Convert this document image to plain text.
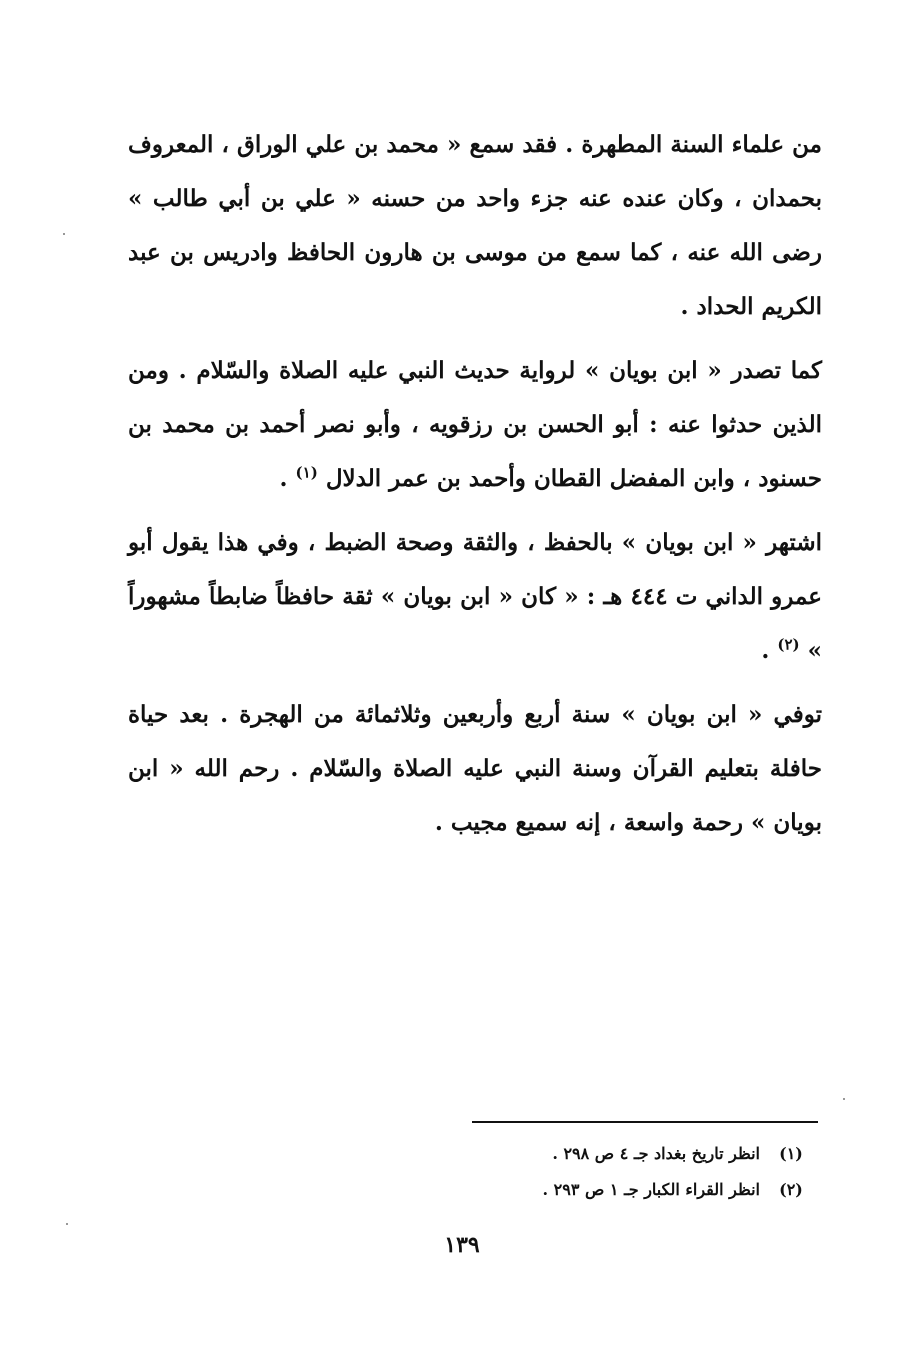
من علماء السنة المطهرة . فقد سمع « محمد بن علي الوراق ، المعروف بحمدان ، وكان عنده عنه جزء واحد من حسنه « علي بن أبي طالب » رضى الله عنه ، كما سمع من موسى بن هارون الحافظ وادريس بن عبد الكريم الحداد .

كما تصدر « ابن بويان » لرواية حديث النبي عليه الصلاة والسّلام . ومن الذين حدثوا عنه : أبو الحسن بن رزقويه ، وأبو نصر أحمد بن محمد بن حسنود ، وابن المفضل القطان وأحمد بن عمر الدلال $^{(١)}$ .

اشتهر « ابن بويان » بالحفظ ، والثقة وصحة الضبط ، وفي هذا يقول أبو عمرو الداني ت ٤٤٤ هـ : « كان « ابن بويان » ثقة حافظاً ضابطاً مشهوراً » $^{(٢)}$ .

توفي « ابن بويان » سنة أربع وأربعين وثلاثمائة من الهجرة . بعد حياة حافلة بتعليم القرآن وسنة النبي عليه الصلاة والسّلام . رحم الله « ابن بويان » رحمة واسعة ، إنه سميع مجيب .

(١)
انظر تاريخ بغداد جـ ٤ ص ٢٩٨ .
(٢)
انظر القراء الكبار جـ ١ ص ٢٩٣ .
١٣٩
